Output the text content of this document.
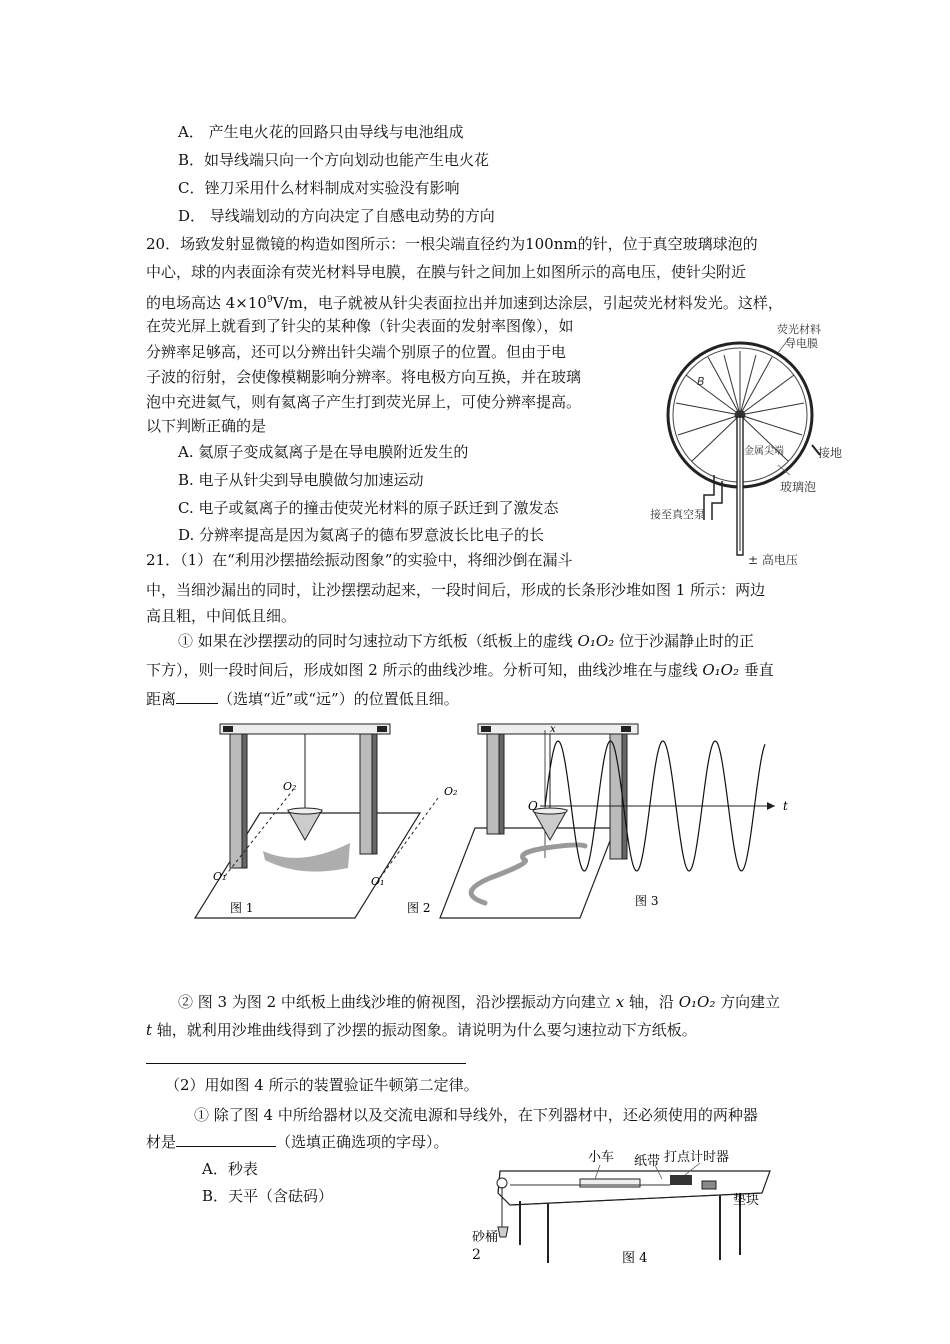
A． 产生电火花的回路只由导线与电池组成
B．如导线端只向一个方向划动也能产生电火花
C．锉刀采用什么材料制成对实验没有影响
D． 导线端划动的方向决定了自感电动势的方向
20．场致发射显微镜的构造如图所示：一根尖端直径约为100nm的针，位于真空玻璃球泡的
中心，球的内表面涂有荧光材料导电膜，在膜与针之间加上如图所示的高电压，使针尖附近
的电场高达 $4\times 10^9V/m$，电子就被从针尖表面拉出并加速到达涂层，引起荧光材料发光。这样，
在荧光屏上就看到了针尖的某种像（针尖表面的发射率图像），如
分辨率足够高，还可以分辨出针尖端个别原子的位置。但由于电
子波的衍射，会使像模糊影响分辨率。将电极方向互换，并在玻璃
泡中充进氦气，则有氦离子产生打到荧光屏上，可使分辨率提高。
以下判断正确的是
A. 氦原子变成氦离子是在导电膜附近发生的
B. 电子从针尖到导电膜做匀加速运动
C. 电子或氦离子的撞击使荧光材料的原子跃迁到了激发态
D. 分辨率提高是因为氦离子的德布罗意波长比电子的长
荧光材料
导电膜
B
金属尖端	接地
玻璃泡
接至真空泵
± 高电压
21．（1）在“利用沙摆描绘振动图象”的实验中，将细沙倒在漏斗
中，当细沙漏出的同时，让沙摆摆动起来，一段时间后，形成的长条形沙堆如图 1 所示：两边
高且粗，中间低且细。
① 如果在沙摆摆动的同时匀速拉动下方纸板（纸板上的虚线 O₁O₂ 位于沙漏静止时的正
下方），则一段时间后，形成如图 2 所示的曲线沙堆。分析可知，曲线沙堆在与虚线 O₁O₂ 垂直
距离	（选填“近”或“远”）的位置低且细。
O₂
O₁
O₂
O₁
图 1	图 2
t
O
x
图 3
② 图 3 为图 2 中纸板上曲线沙堆的俯视图，沿沙摆振动方向建立 x 轴，沿 O₁O₂ 方向建立
t 轴，就利用沙堆曲线得到了沙摆的振动图象。请说明为什么要匀速拉动下方纸板。
（2）用如图 4 所示的装置验证牛顿第二定律。
① 除了图 4 中所给器材以及交流电源和导线外，在下列器材中，还必须使用的两种器
材是	（选填正确选项的字母）。
A．秒表
B．天平（含砝码）
小车 纸带 打点计时器
垫块
砂桶
图 4
2
